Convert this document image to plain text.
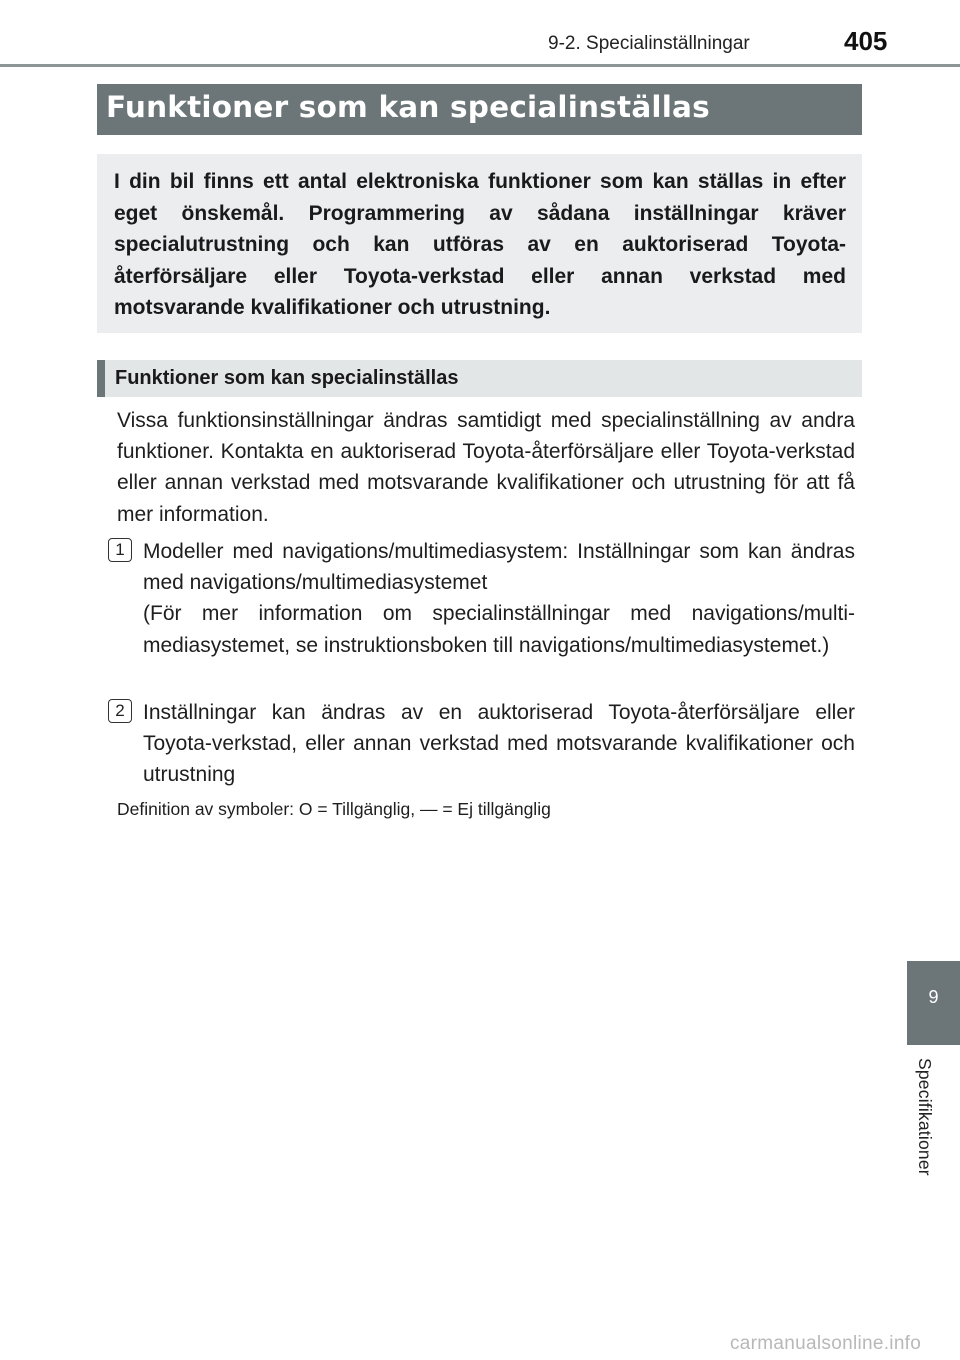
9-2. Specialinställningar	405
Funktioner som kan specialinställas

I din bil finns ett antal elektroniska funktioner som kan ställas in efter eget önskemål. Programmering av sådana inställningar kräver specialutrustning och kan utföras av en auktoriserad Toyota-återförsäljare eller Toyota-verkstad eller annan verkstad med motsvarande kvalifikationer och utrustning.

Funktioner som kan specialinställas

Vissa funktionsinställningar ändras samtidigt med specialinställning av andra funktioner. Kontakta en auktoriserad Toyota-återförsäljare eller Toyota-verkstad eller annan verkstad med motsvarande kvalifikationer och utrustning för att få mer information.

1 Modeller med navigations/multimediasystem: Inställningar som kan ändras med navigations/multimediasystemet
(För mer information om specialinställningar med navigations/multimediasystemet, se instruktionsboken till navigations/multimediasystemet.)
2 Inställningar kan ändras av en auktoriserad Toyota-återförsäljare eller Toyota-verkstad, eller annan verkstad med motsvarande kvalifikationer och utrustning
Definition av symboler: O = Tillgänglig, — = Ej tillgänglig
9
Specifikationer
carmanualsonline.info
